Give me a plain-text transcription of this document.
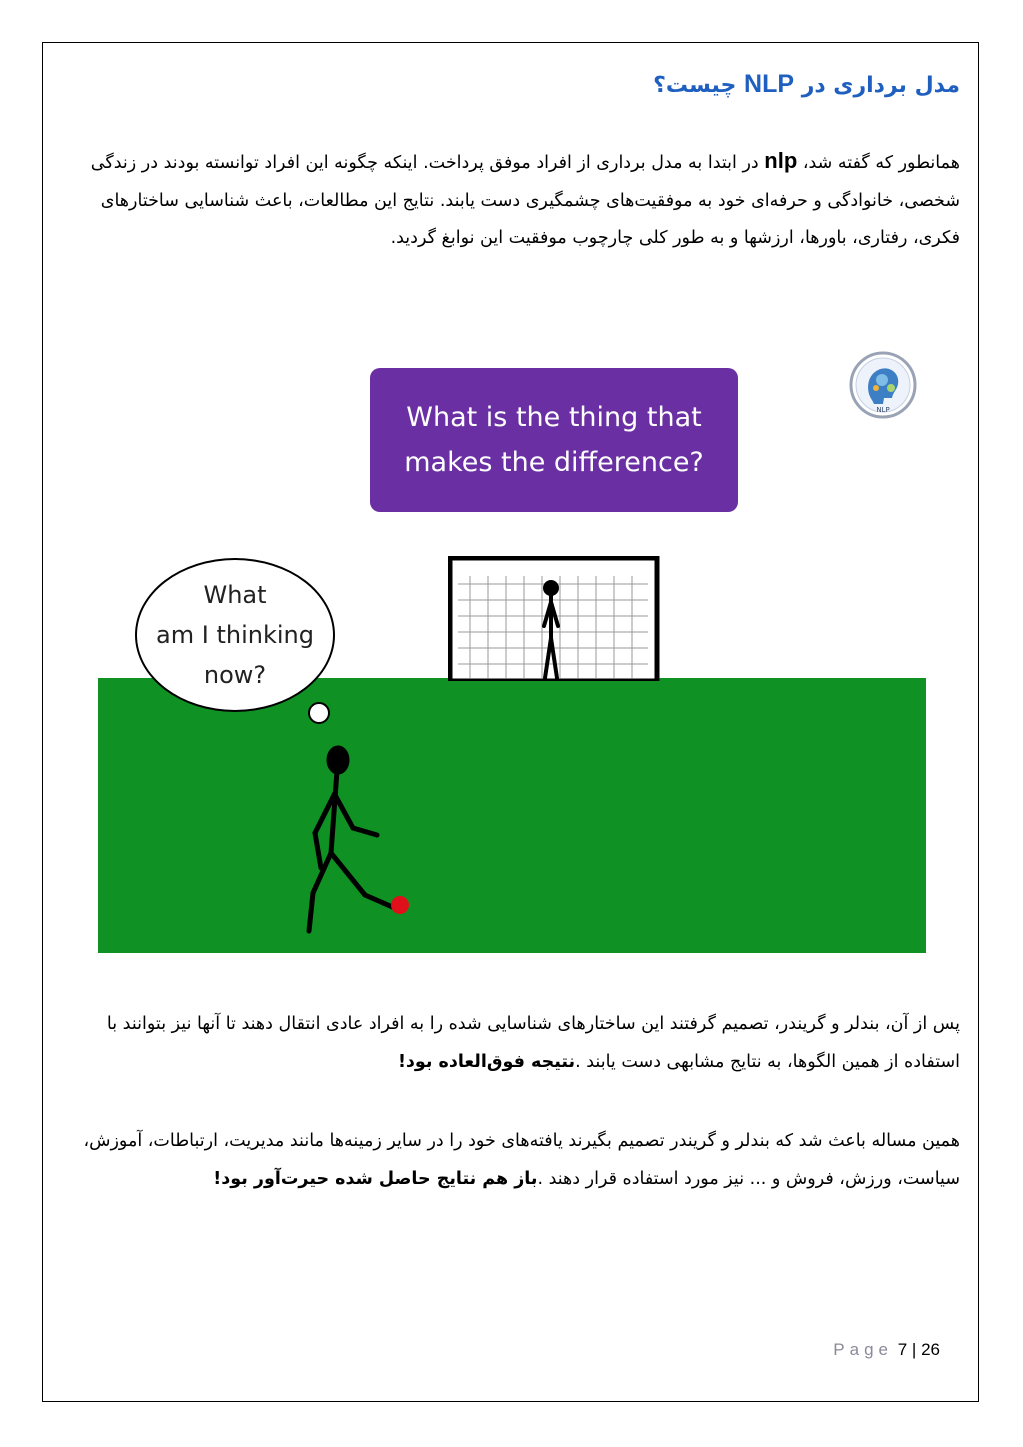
مدل برداری در NLP چیست؟
همانطور که گفته شد، nlp در ابتدا به مدل برداری از افراد موفق پرداخت. اینکه چگونه این افراد توانسته بودند در زندگی شخصی، خانوادگی و حرفه‌ای خود به موفقیت‌های چشمگیری دست یابند. نتایج این مطالعات، باعث شناسایی ساختارهای فکری، رفتاری، باورها، ارزشها و به طور کلی چارچوب موفقیت این نوابغ گردید.
What is the thing that
makes the difference?
NLP
What
am I thinking
now?
پس از آن، بندلر و گریندر، تصمیم گرفتند این ساختارهای شناسایی شده را به افراد عادی انتقال دهند تا آنها نیز بتوانند با استفاده از همین الگوها، به نتایج مشابهی دست یابند .نتیجه فوق‌العاده بود!
همین مساله باعث شد که بندلر و گریندر تصمیم بگیرند یافته‌های خود را در سایر زمینه‌ها مانند مدیریت، ارتباطات، آموزش، سیاست، ورزش، فروش و ... نیز مورد استفاده قرار دهند .باز هم نتایج حاصل شده حیرت‌آور بود!
Page 7 | 26
